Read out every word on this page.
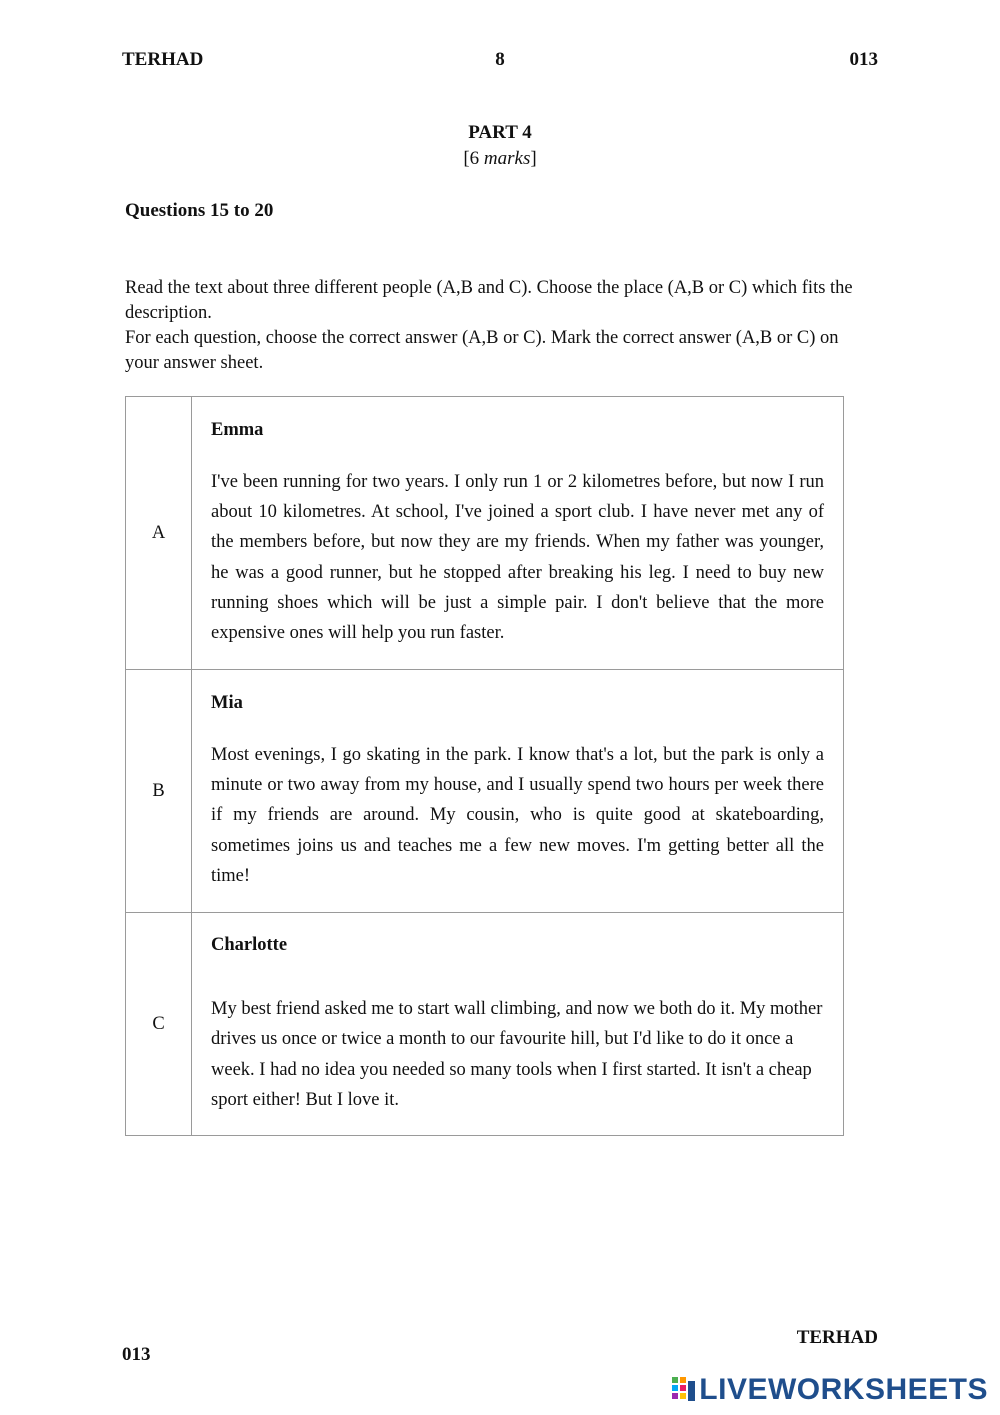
TERHAD	8	013
PART 4
[6 marks]
Questions 15 to 20

Read the text about three different people (A,B and C). Choose the place (A,B or C) which fits the description.

For each question, choose the correct answer (A,B or C). Mark the correct answer (A,B or C) on your answer sheet.

A	Emma

I've been running for two years. I only run 1 or 2 kilometres before, but now I run about 10 kilometres. At school, I've joined a sport club. I have never met any of the members before, but now they are my friends. When my father was younger, he was a good runner, but he stopped after breaking his leg. I need to buy new running shoes which will be just a simple pair. I don't believe that the more expensive ones will help you run faster.

B	Mia

Most evenings, I go skating in the park. I know that's a lot, but the park is only a minute or two away from my house, and I usually spend two hours per week there if my friends are around. My cousin, who is quite good at skateboarding, sometimes joins us and teaches me a few new moves. I'm getting better all the time!

C	Charlotte

My best friend asked me to start wall climbing, and now we both do it. My mother drives us once or twice a month to our favourite hill, but I'd like to do it once a week. I had no idea you needed so many tools when I first started. It isn't a cheap sport either! But I love it.

TERHAD
013
LIVEWORKSHEETS
